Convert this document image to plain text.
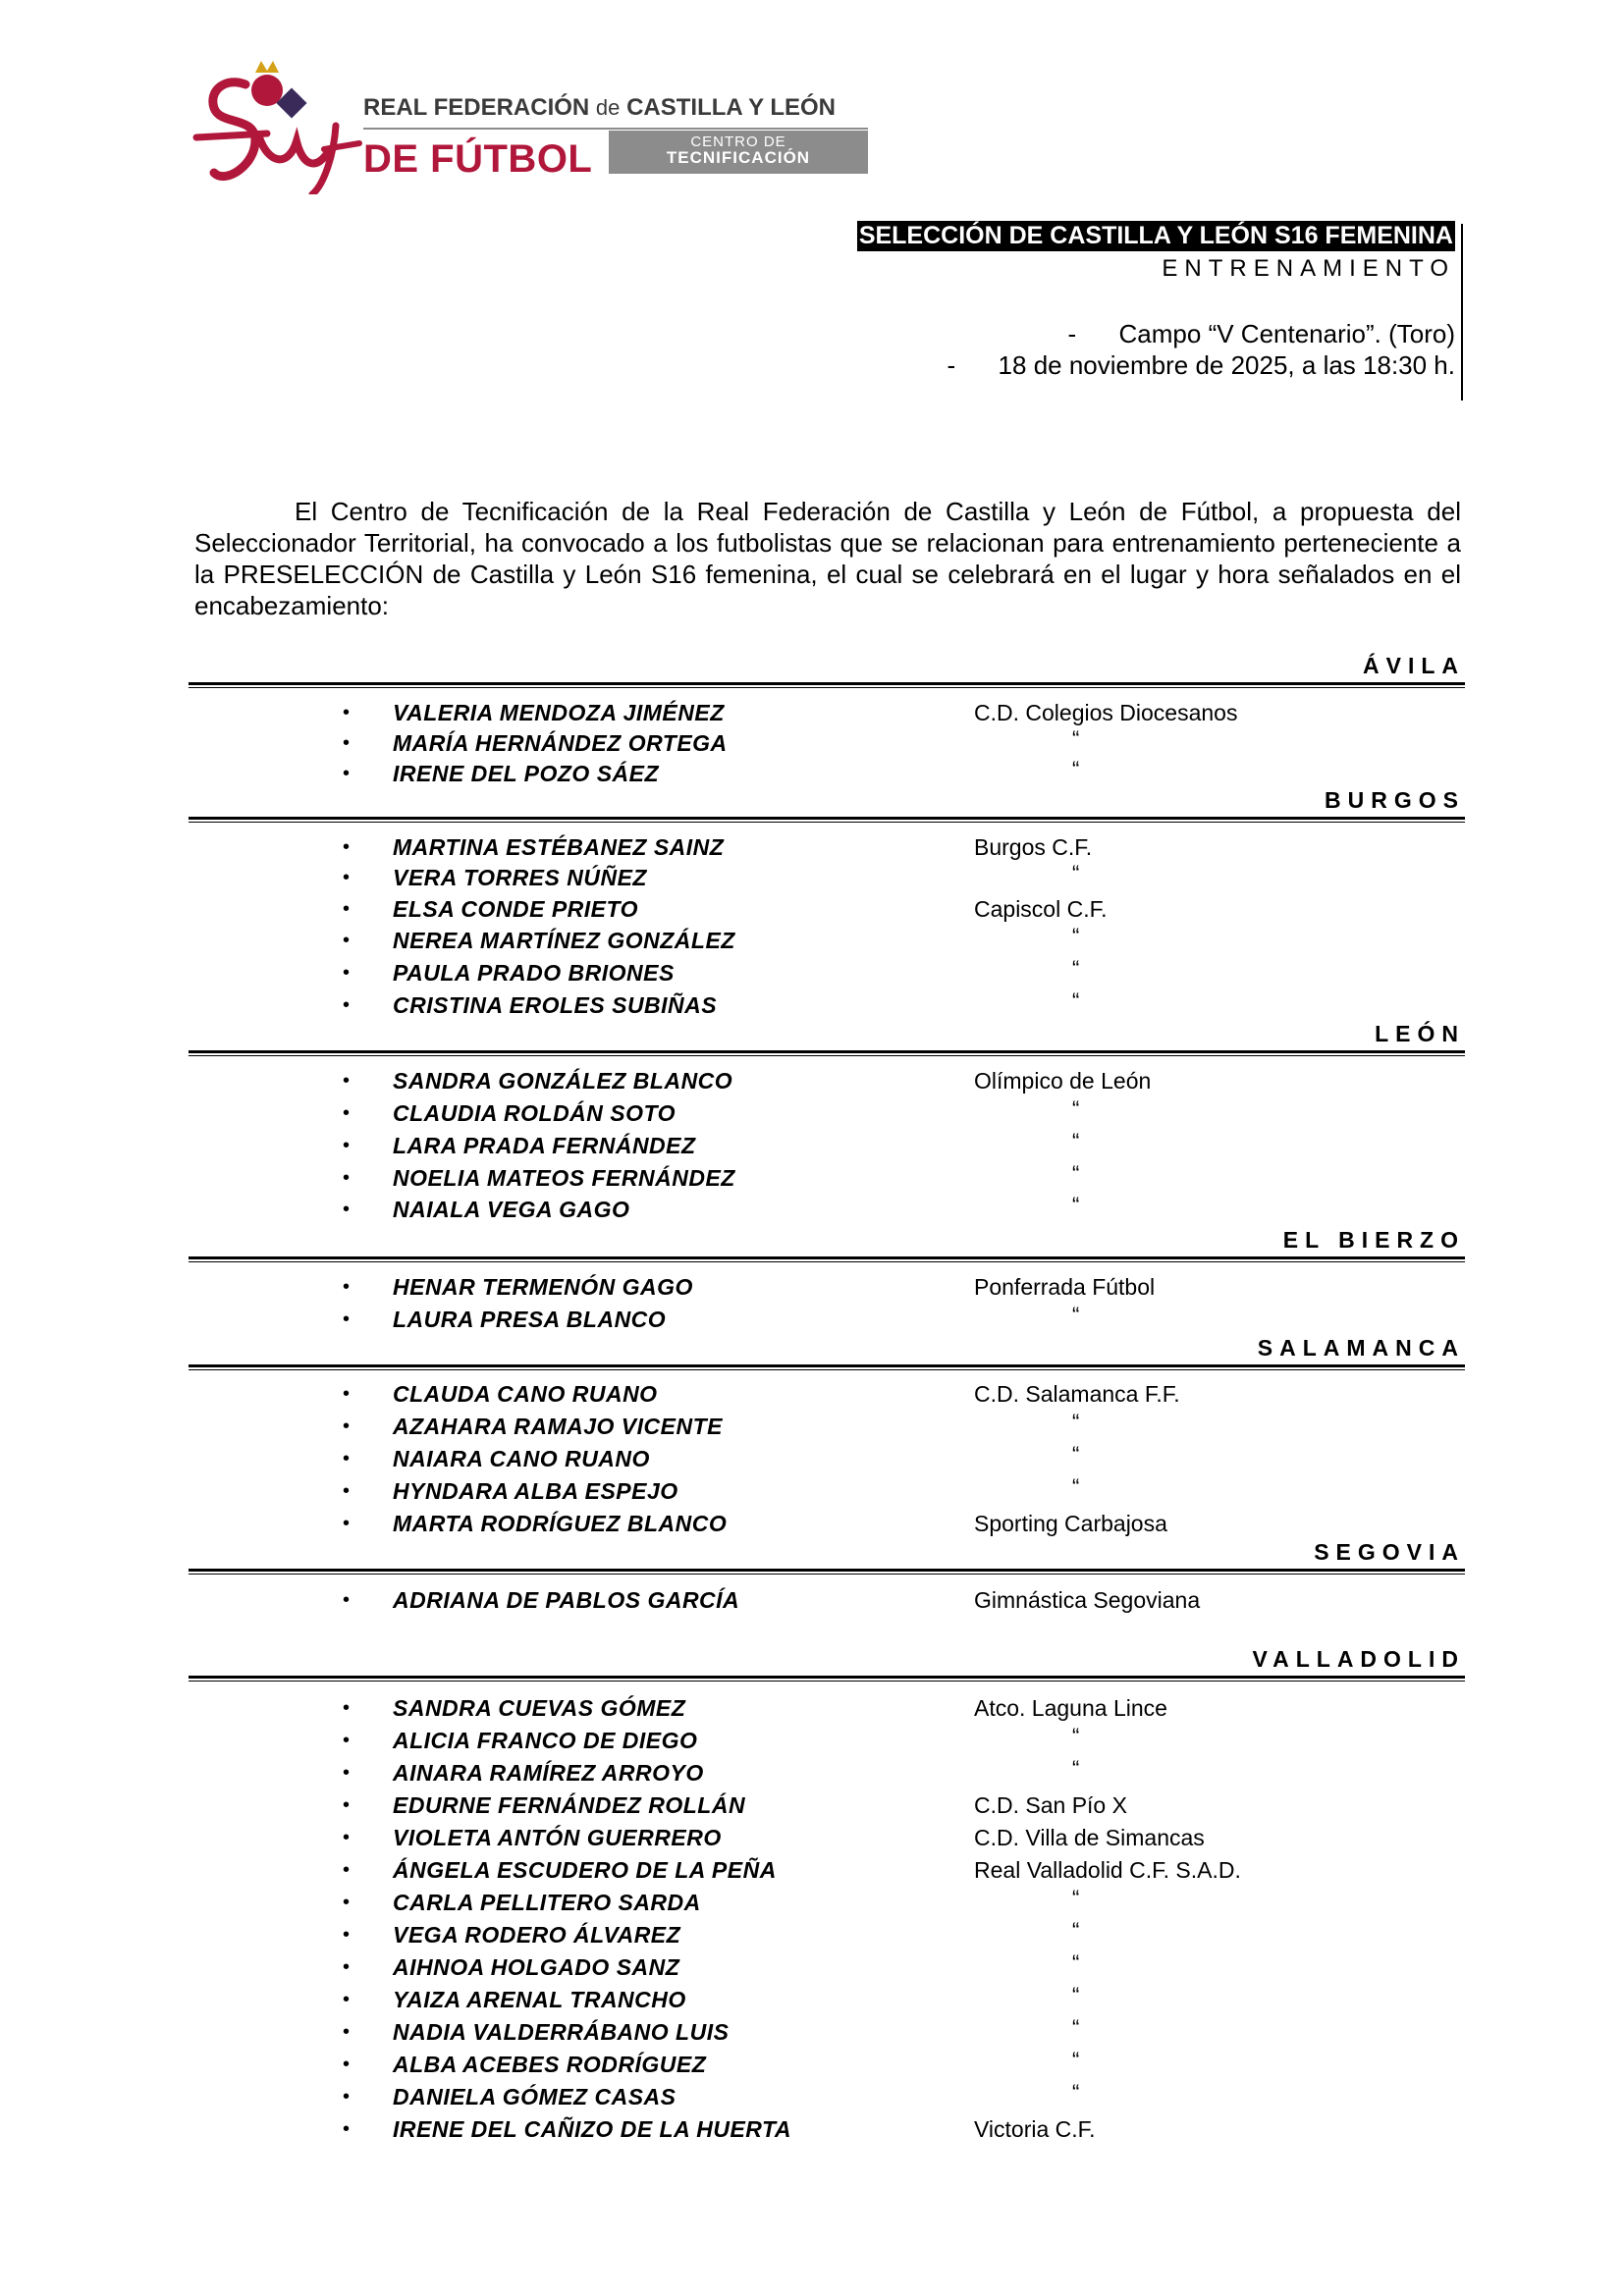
REAL FEDERACIÓN de CASTILLA Y LEÓN
DE FÚTBOL	CENTRO DE
TECNIFICACIÓN
SELECCIÓN DE CASTILLA Y LEÓN S16 FEMENINA
ENTRENAMIENTO
-      Campo “V Centenario”. (Toro)
-      18 de noviembre de 2025, a las 18:30 h.

El Centro de Tecnificación de la Real Federación de Castilla y León de Fútbol, a propuesta del Seleccionador Territorial, ha convocado a los futbolistas que se relacionan para entrenamiento perteneciente a la PRESELECCIÓN de Castilla y León S16 femenina, el cual se celebrará en el lugar y hora señalados en el encabezamiento:

ÁVILA
• VALERIA MENDOZA JIMÉNEZ	C.D. Colegios Diocesanos
• MARÍA HERNÁNDEZ ORTEGA	“
• IRENE DEL POZO SÁEZ	“
BURGOS
• MARTINA ESTÉBANEZ SAINZ	Burgos C.F.
• VERA TORRES NÚÑEZ	“
• ELSA CONDE PRIETO	Capiscol C.F.
• NEREA MARTÍNEZ GONZÁLEZ	“
• PAULA PRADO BRIONES	“
• CRISTINA EROLES SUBIÑAS	“
LEÓN
• SANDRA GONZÁLEZ BLANCO	Olímpico de León
• CLAUDIA ROLDÁN SOTO	“
• LARA PRADA FERNÁNDEZ	“
• NOELIA MATEOS FERNÁNDEZ	“
• NAIALA VEGA GAGO	“
EL BIERZO
• HENAR TERMENÓN GAGO	Ponferrada Fútbol
• LAURA PRESA BLANCO	“
SALAMANCA
• CLAUDA CANO RUANO	C.D. Salamanca F.F.
• AZAHARA RAMAJO VICENTE	“
• NAIARA CANO RUANO	“
• HYNDARA ALBA ESPEJO	“
• MARTA RODRÍGUEZ BLANCO	Sporting Carbajosa
SEGOVIA
• ADRIANA DE PABLOS GARCÍA	Gimnástica Segoviana
VALLADOLID
• SANDRA CUEVAS GÓMEZ	Atco. Laguna Lince
• ALICIA FRANCO DE DIEGO	“
• AINARA RAMÍREZ ARROYO	“
• EDURNE FERNÁNDEZ ROLLÁN	C.D. San Pío X
• VIOLETA ANTÓN GUERRERO	C.D. Villa de Simancas
• ÁNGELA ESCUDERO DE LA PEÑA	Real Valladolid C.F. S.A.D.
• CARLA PELLITERO SARDA	“
• VEGA RODERO ÁLVAREZ	“
• AIHNOA HOLGADO SANZ	“
• YAIZA ARENAL TRANCHO	“
• NADIA VALDERRÁBANO LUIS	“
• ALBA ACEBES RODRÍGUEZ	“
• DANIELA GÓMEZ CASAS	“
• IRENE DEL CAÑIZO DE LA HUERTA	Victoria C.F.
